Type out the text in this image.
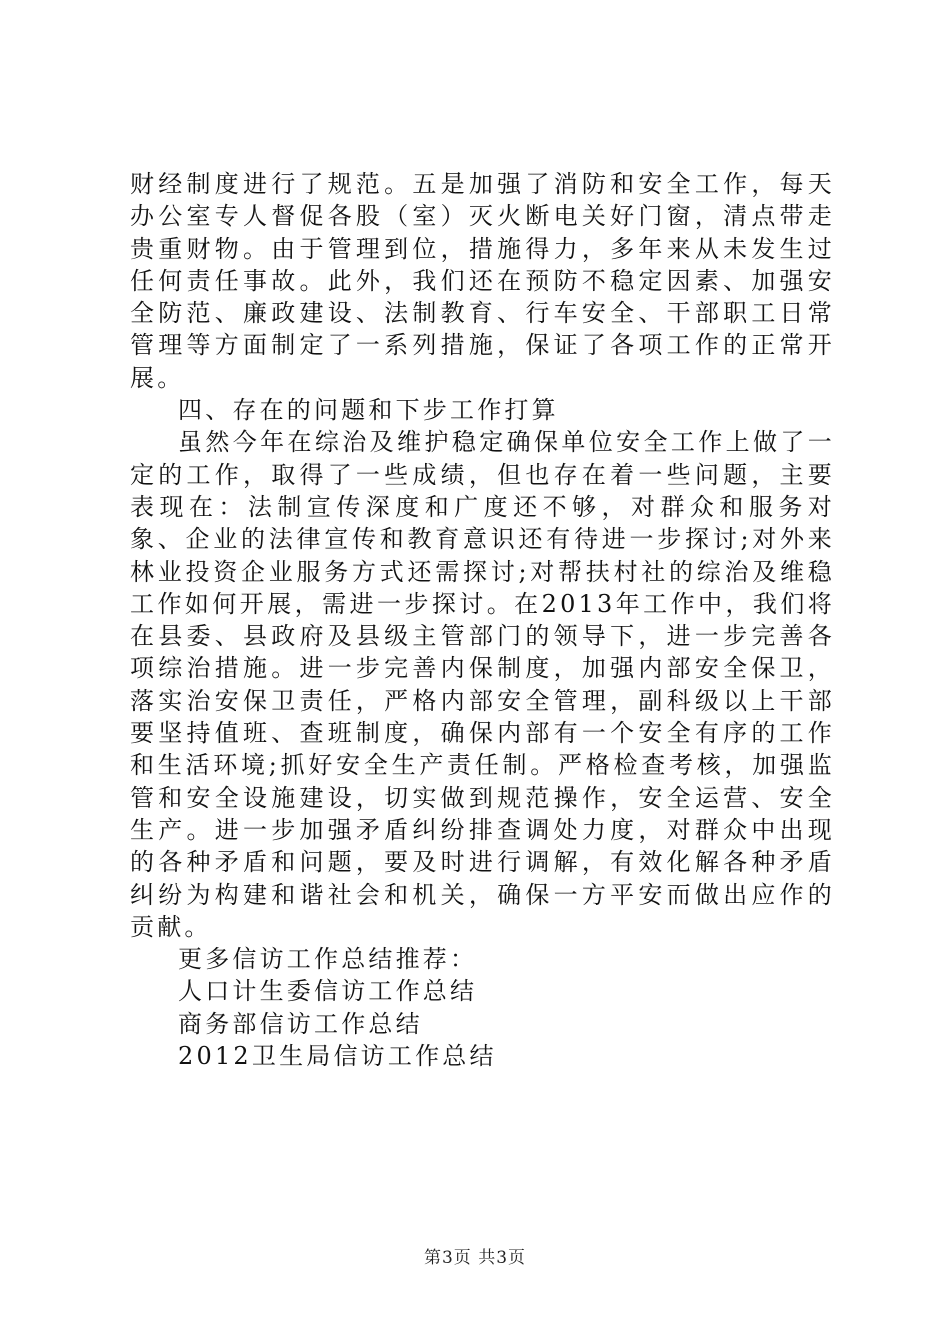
财经制度进行了规范。五是加强了消防和安全工作，每天办公室专人督促各股（室）灭火断电关好门窗，清点带走贵重财物。由于管理到位，措施得力，多年来从未发生过任何责任事故。此外，我们还在预防不稳定因素、加强安全防范、廉政建设、法制教育、行车安全、干部职工日常管理等方面制定了一系列措施，保证了各项工作的正常开展。

四、存在的问题和下步工作打算

虽然今年在综治及维护稳定确保单位安全工作上做了一定的工作，取得了一些成绩，但也存在着一些问题，主要表现在：法制宣传深度和广度还不够，对群众和服务对象、企业的法律宣传和教育意识还有待进一步探讨;对外来林业投资企业服务方式还需探讨;对帮扶村社的综治及维稳工作如何开展，需进一步探讨。在2013年工作中，我们将在县委、县政府及县级主管部门的领导下，进一步完善各项综治措施。进一步完善内保制度，加强内部安全保卫，落实治安保卫责任，严格内部安全管理，副科级以上干部要坚持值班、查班制度，确保内部有一个安全有序的工作和生活环境;抓好安全生产责任制。严格检查考核，加强监管和安全设施建设，切实做到规范操作，安全运营、安全生产。进一步加强矛盾纠纷排查调处力度，对群众中出现的各种矛盾和问题，要及时进行调解，有效化解各种矛盾纠纷为构建和谐社会和机关，确保一方平安而做出应作的贡献。

更多信访工作总结推荐：

人口计生委信访工作总结

商务部信访工作总结

2012卫生局信访工作总结

第3页 共3页
